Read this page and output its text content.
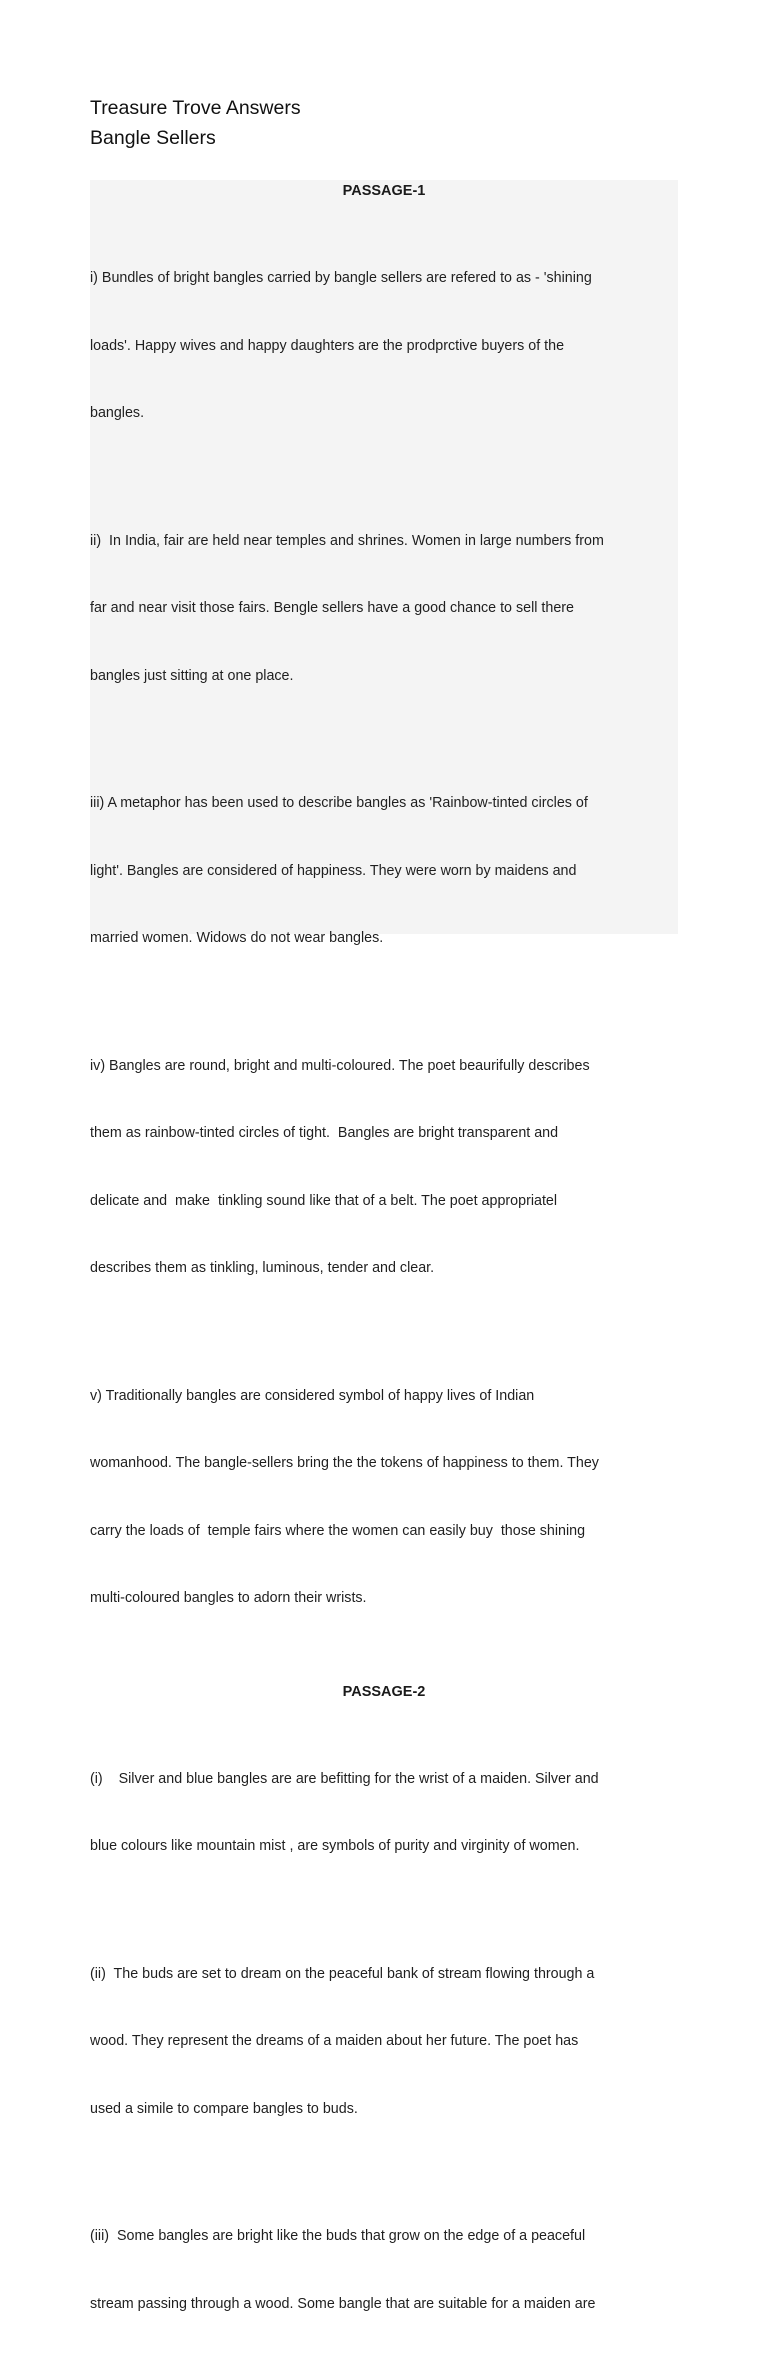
Treasure Trove Answers
Bangle Sellers
PASSAGE-1

i) Bundles of bright bangles carried by bangle sellers are refered to as - 'shining

loads'. Happy wives and happy daughters are the prodprctive buyers of the

bangles.

ii)  In India, fair are held near temples and shrines. Women in large numbers from

far and near visit those fairs. Bengle sellers have a good chance to sell there

bangles just sitting at one place.

iii) A metaphor has been used to describe bangles as 'Rainbow-tinted circles of

light'. Bangles are considered of happiness. They were worn by maidens and

married women. Widows do not wear bangles.

iv) Bangles are round, bright and multi-coloured. The poet beaurifully describes

them as rainbow-tinted circles of tight.  Bangles are bright transparent and

delicate and  make  tinkling sound like that of a belt. The poet appropriatel

describes them as tinkling, luminous, tender and clear.

v) Traditionally bangles are considered symbol of happy lives of Indian

womanhood. The bangle-sellers bring the the tokens of happiness to them. They

carry the loads of  temple fairs where the women can easily buy  those shining

multi-coloured bangles to adorn their wrists.

PASSAGE-2

(i)    Silver and blue bangles are are befitting for the wrist of a maiden. Silver and

blue colours like mountain mist , are symbols of purity and virginity of women.

(ii)  The buds are set to dream on the peaceful bank of stream flowing through a

wood. They represent the dreams of a maiden about her future. The poet has

used a simile to compare bangles to buds.

(iii)  Some bangles are bright like the buds that grow on the edge of a peaceful

stream passing through a wood. Some bangle that are suitable for a maiden are
